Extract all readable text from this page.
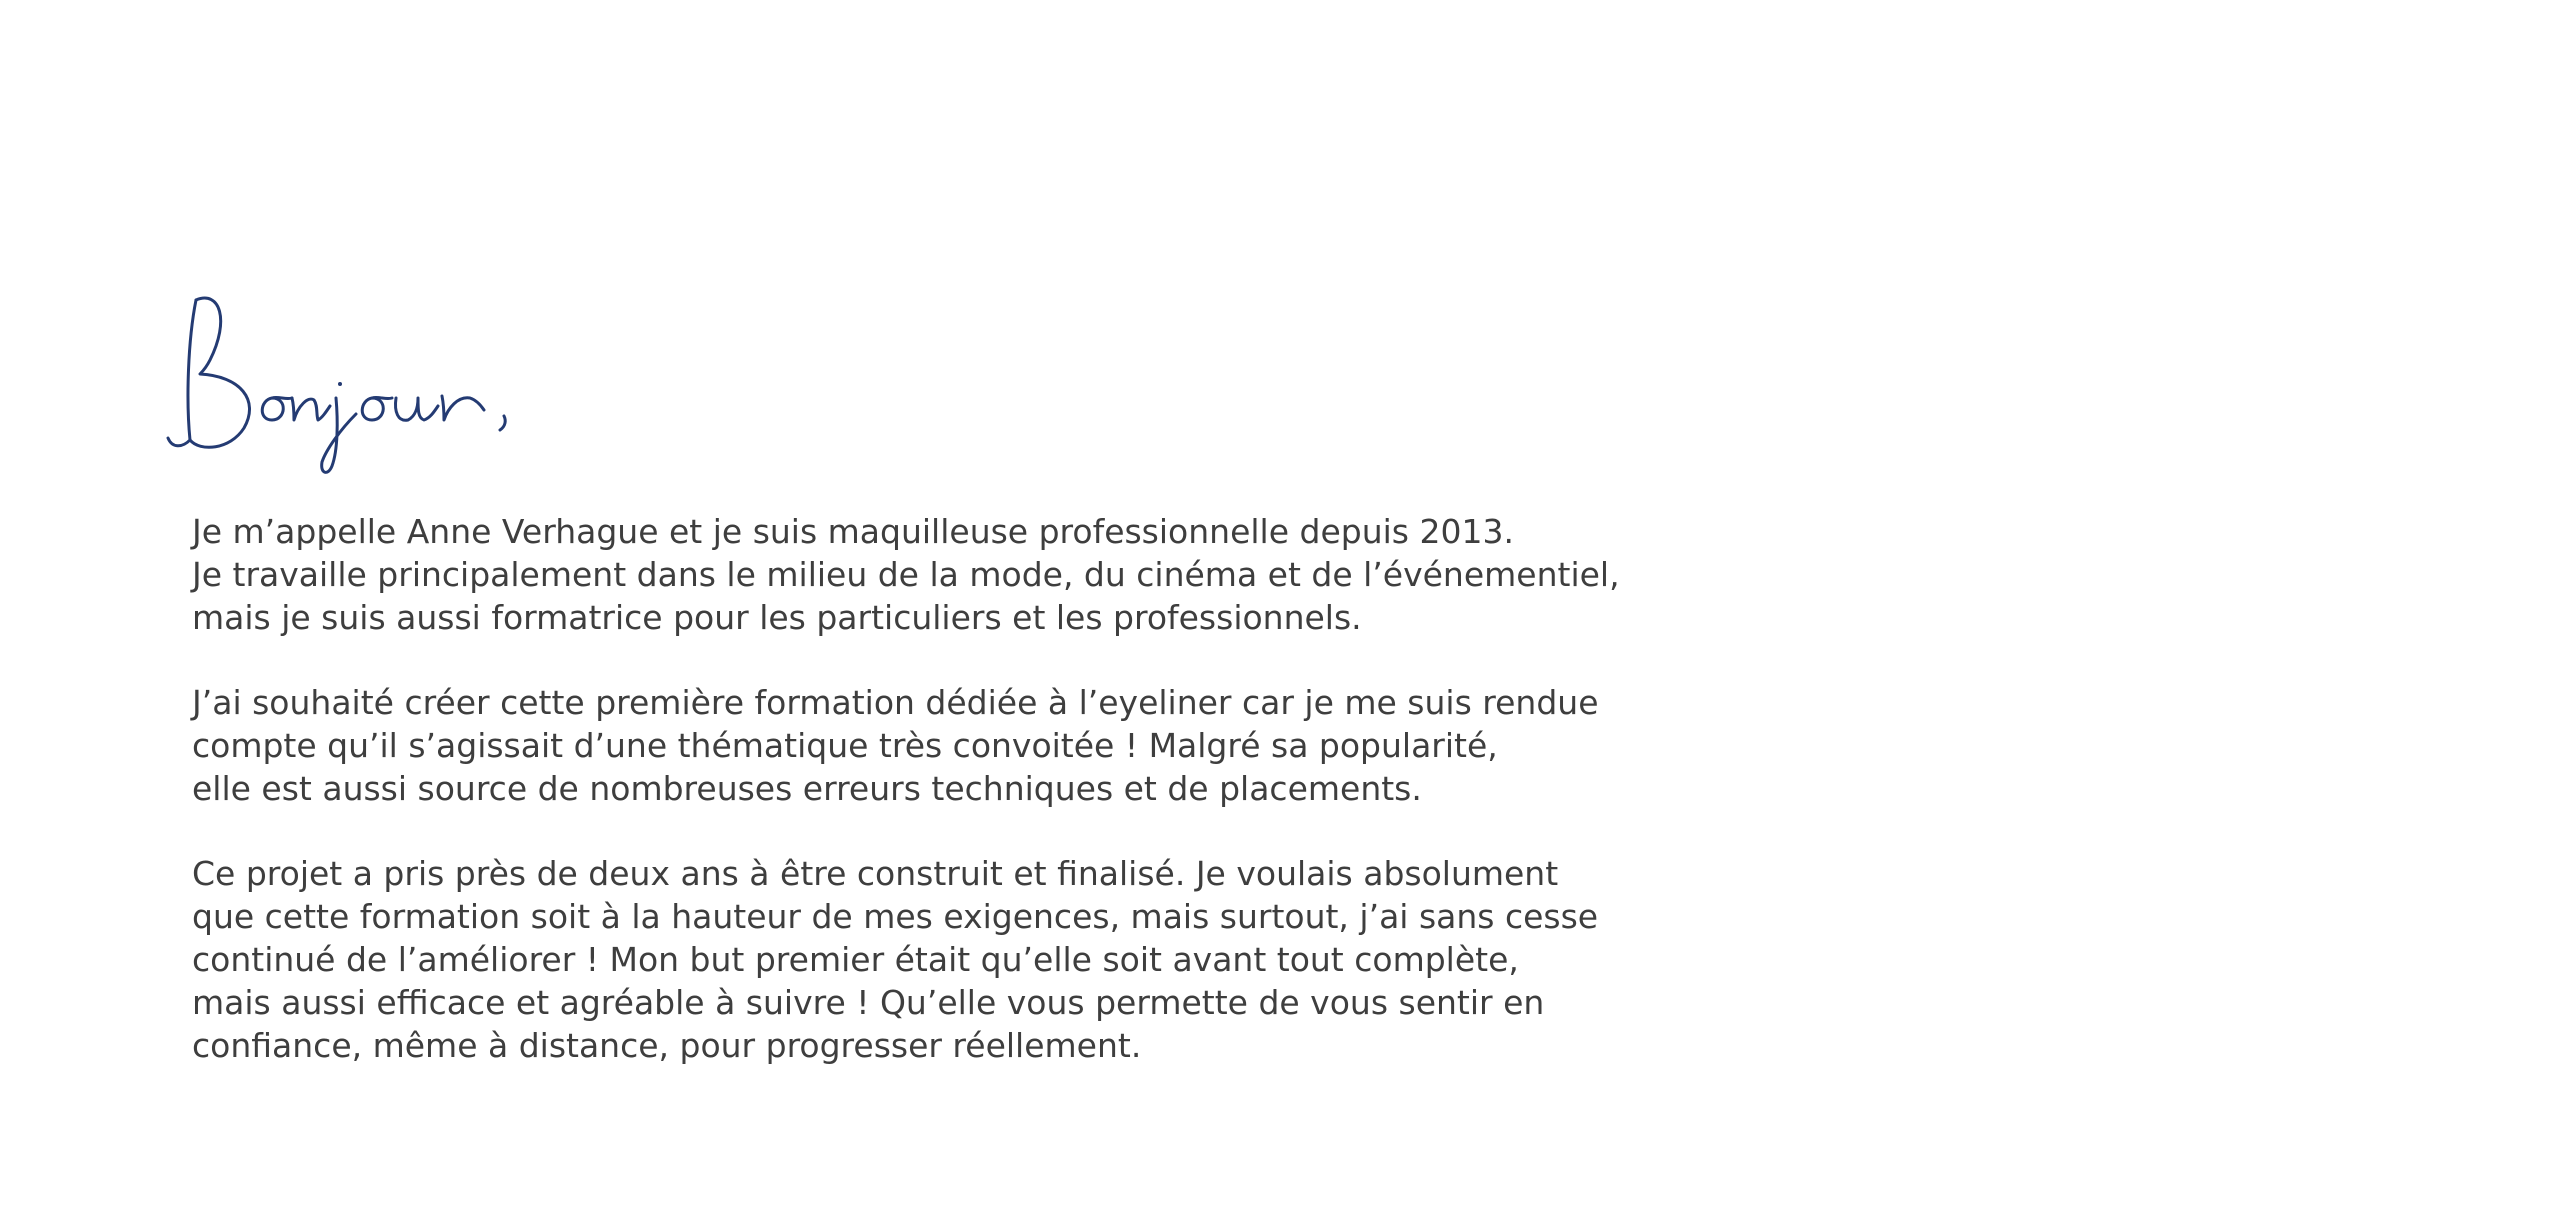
Je m’appelle Anne Verhague et je suis maquilleuse professionnelle depuis 2013.
Je travaille principalement dans le milieu de la mode, du cinéma et de l’événementiel,
mais je suis aussi formatrice pour les particuliers et les professionnels.

J’ai souhaité créer cette première formation dédiée à l’eyeliner car je me suis rendue
compte qu’il s’agissait d’une thématique très convoitée ! Malgré sa popularité,
elle est aussi source de nombreuses erreurs techniques et de placements.

Ce projet a pris près de deux ans à être construit et finalisé. Je voulais absolument
que cette formation soit à la hauteur de mes exigences, mais surtout, j’ai sans cesse
continué de l’améliorer ! Mon but premier était qu’elle soit avant tout complète,
mais aussi efficace et agréable à suivre ! Qu’elle vous permette de vous sentir en
confiance, même à distance, pour progresser réellement.
